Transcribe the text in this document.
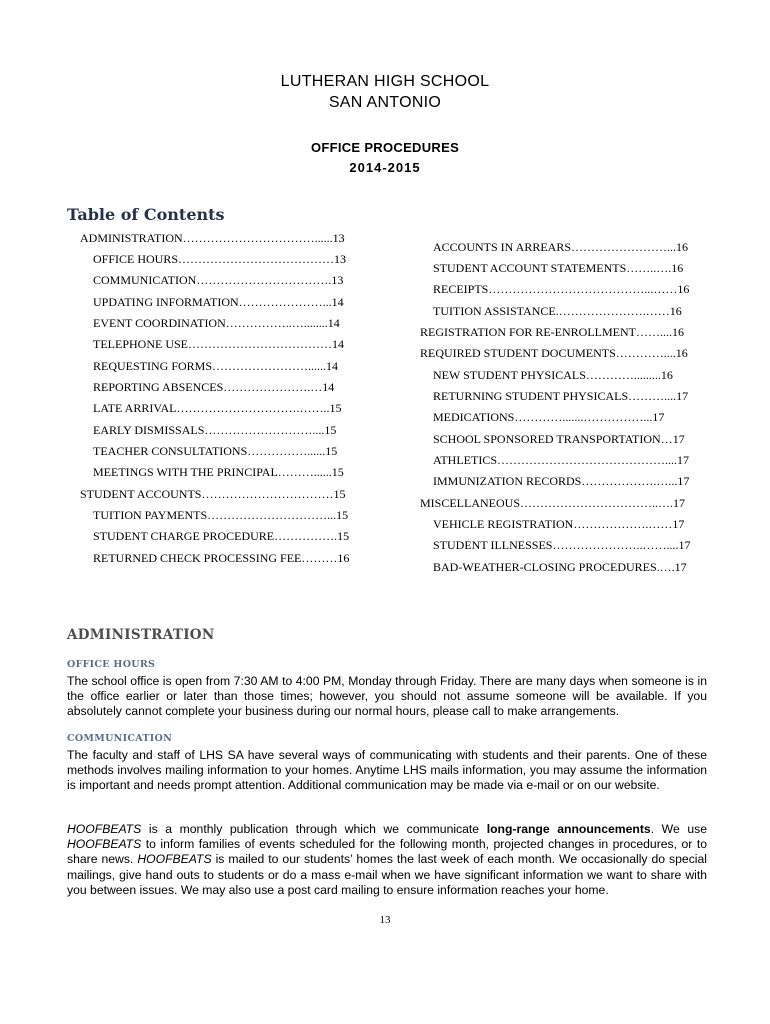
LUTHERAN HIGH SCHOOL
SAN ANTONIO
OFFICE PROCEDURES
2014-2015
Table of Contents
ADMINISTRATION……………………………......13
OFFICE HOURS…………………………………13
COMMUNICATION…………………………….13
UPDATING INFORMATION…………………...14
EVENT COORDINATION……………..…........14
TELEPHONE USE………………………………14
REQUESTING FORMS……………………......14
REPORTING ABSENCES………………….…14
LATE ARRIVAL………………………….……..15
EARLY DISMISSALS………………………....15
TEACHER CONSULTATIONS……………......15
MEETINGS WITH THE PRINCIPAL………......15
STUDENT ACCOUNTS……………………………15
TUITION PAYMENTS…………………………...15
STUDENT CHARGE PROCEDURE…………….15
RETURNED CHECK PROCESSING FEE………16
ACCOUNTS IN ARREARS……………………...16
STUDENT ACCOUNT STATEMENTS……..….16
RECEIPTS…………………………………...……16
TUITION ASSISTANCE.………………….……16
REGISTRATION FOR RE-ENROLLMENT……....16
REQUIRED STUDENT DOCUMENTS…………....16
NEW STUDENT PHYSICALS………….........16
RETURNING STUDENT PHYSICALS………....17
MEDICATIONS………….......……………...17
SCHOOL SPONSORED TRANSPORTATION…17
ATHLETICS……………………………………....17
IMMUNIZATION RECORDS……………….…...17
MISCELLANEOUS……………………………..….17
VEHICLE REGISTRATION……………….……17
STUDENT ILLNESSES…………………..……....17
BAD-WEATHER-CLOSING PROCEDURES.….17
ADMINISTRATION
OFFICE HOURS
The school office is open from 7:30 AM to 4:00 PM, Monday through Friday. There are many days when someone is in the office earlier or later than those times; however, you should not assume someone will be available. If you absolutely cannot complete your business during our normal hours, please call to make arrangements.
COMMUNICATION
The faculty and staff of LHS SA have several ways of communicating with students and their parents. One of these methods involves mailing information to your homes. Anytime LHS mails information, you may assume the information is important and needs prompt attention. Additional communication may be made via e-mail or on our website.
HOOFBEATS is a monthly publication through which we communicate long-range announcements. We use HOOFBEATS to inform families of events scheduled for the following month, projected changes in procedures, or to share news. HOOFBEATS is mailed to our students’ homes the last week of each month. We occasionally do special mailings, give hand outs to students or do a mass e-mail when we have significant information we want to share with you between issues. We may also use a post card mailing to ensure information reaches your home.
13
